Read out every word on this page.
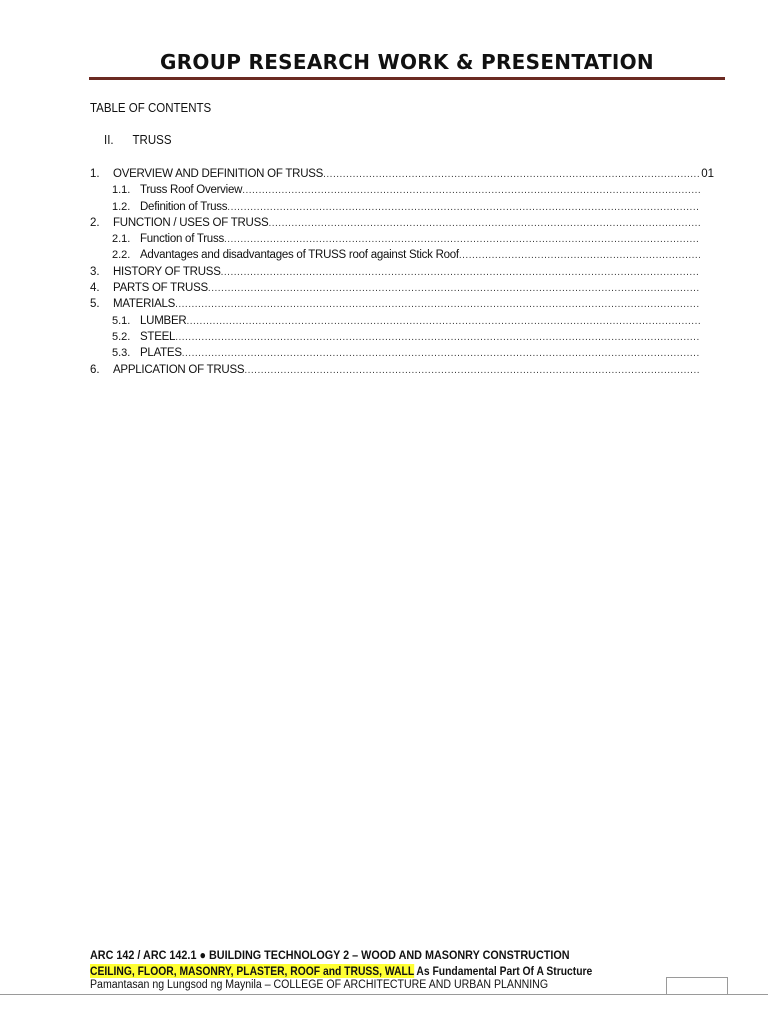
GROUP RESEARCH WORK & PRESENTATION
TABLE OF CONTENTS
II. TRUSS
1. OVERVIEW AND DEFINITION OF TRUSS
.....	01
1.1. Truss Roof Overview
.....
1.2. Definition of Truss
.....
2. FUNCTION / USES OF TRUSS
.....
2.1. Function of Truss
.....
2.2. Advantages and disadvantages of TRUSS roof against Stick Roof
.....
3. HISTORY OF TRUSS
.....
4. PARTS OF TRUSS
.....
5. MATERIALS
.....
5.1. LUMBER
.....
5.2. STEEL
.....
5.3. PLATES
.....
6. APPLICATION OF TRUSS
.....
ARC 142 / ARC 142.1 ● BUILDING TECHNOLOGY 2 – WOOD AND MASONRY CONSTRUCTION
CEILING, FLOOR, MASONRY, PLASTER, ROOF and TRUSS, WALL As Fundamental Part Of A Structure
Pamantasan ng Lungsod ng Maynila – COLLEGE OF ARCHITECTURE AND URBAN PLANNING
